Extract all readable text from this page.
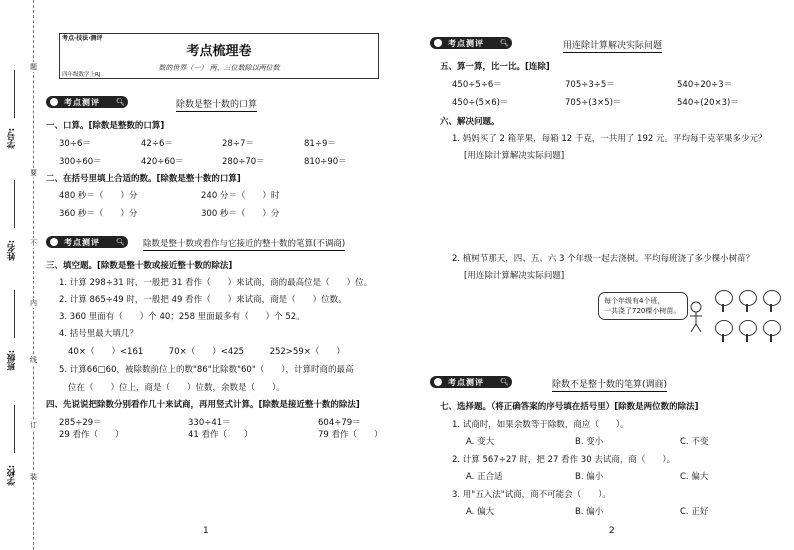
学号:
姓名:
班级:
学校:
题
要
不
内
线
订
装
考点·技法·测评
考点梳理卷
数的世界（一） 两、三位数除以两位数
四年级数学上RJ
考点测评 🔍︎	除数是整十数的口算
一、口算。[除数是整数的口算]
30÷6＝	42÷6＝	28÷7＝	81÷9＝
300÷60＝	420÷60＝	280÷70＝	810÷90＝
二、在括号里填上合适的数。[除数是整十数的口算]
480 秒＝（　　）分	240 分＝（　　）时
360 秒＝（　　）分	300 秒＝（　　）分
考点测评 🔍︎ 除数是整十数或看作与它接近的整十数的笔算(不调商)
三、填空题。[除数是整十数或接近整十数的除法]
1. 计算 298÷31 时，一般把 31 看作（　　）来试商，商的最高位是（　　）位。
2. 计算 865÷49 时，一般把 49 看作（　　）来试商，商是（　　）位数。
3. 360 里面有（　　）个 40；258 里面最多有（　　）个 52。
4. 括号里最大填几？
40×（　　）<161　　　70×（　　）<425　　　252>59×（　　）
5. 计算66□60，被除数前位上的数"86"比除数"60"（　　），计算时商的最高
位在（　　）位上，商是（　　）位数，余数是（　　）。
四、先说说把除数分别看作几十来试商，再用竖式计算。[除数是接近整十数的除法]
285÷29＝	330÷41＝	604÷79＝
29 看作（　　）	41 看作（　　）	79 看作（　　）
1
考点测评 🔍︎	用连除计算解决实际问题
五、算一算，比一比。[连除]
450÷5÷6＝	705÷3÷5＝	540÷20÷3＝
450÷(5×6)＝	705÷(3×5)＝	540÷(20×3)＝
六、解决问题。
1. 妈妈买了 2 箱苹果，每箱 12 千克，一共用了 192 元。平均每千克苹果多少元？
[用连除计算解决实际问题]
2. 植树节那天，四、五、六 3 个年级一起去浇树。平均每班浇了多少棵小树苗？
[用连除计算解决实际问题]
每个年级有4个班，
一共浇了720棵小树苗。
考点测评 🔍︎	除数不是整十数的笔算(调商)
七、选择题。（将正确答案的序号填在括号里）[除数是两位数的除法]
1. 试商时，如果余数等于除数，商应（　　）。
A. 变大	B. 变小	C. 不变
2. 计算 567÷27 时，把 27 看作 30 去试商，商（　　）。
A. 正合适	B. 偏小	C. 偏大
3. 用"五入法"试商，商不可能会（　　）。
A. 偏大	B. 偏小	C. 正好
2
